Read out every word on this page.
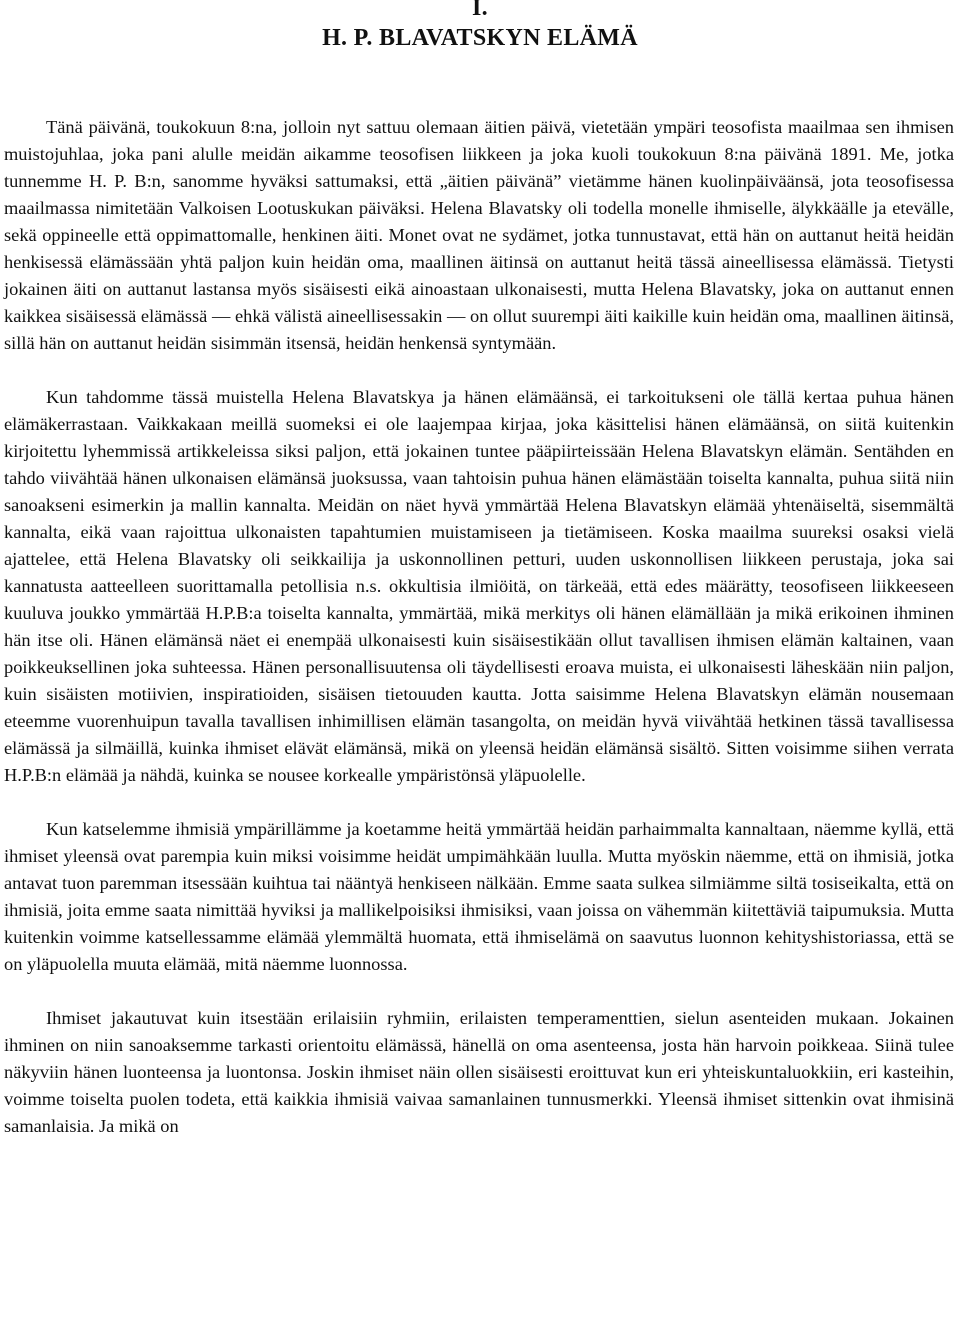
I.
H. P. BLAVATSKYN ELÄMÄ

Tänä päivänä, toukokuun 8:na, jolloin nyt sattuu olemaan äitien päivä, vietetään ympäri teosofista maailmaa sen ihmisen muistojuhlaa, joka pani alulle meidän aikamme teosofisen liikkeen ja joka kuoli toukokuun 8:na päivänä 1891. Me, jotka tunnemme H. P. B:n, sanomme hyväksi sattumaksi, että „äitien päivänä” vietämme hänen kuolinpäiväänsä, jota teosofisessa maailmassa nimitetään Valkoisen Lootuskukan päiväksi. Helena Blavatsky oli todella monelle ihmiselle, älykkäälle ja etevälle, sekä oppineelle että oppimattomalle, henkinen äiti. Monet ovat ne sydämet, jotka tunnustavat, että hän on auttanut heitä heidän henkisessä elämässään yhtä paljon kuin heidän oma, maallinen äitinsä on auttanut heitä tässä aineellisessa elämässä. Tietysti jokainen äiti on auttanut lastansa myös sisäisesti eikä ainoastaan ulkonaisesti, mutta Helena Blavatsky, joka on auttanut ennen kaikkea sisäisessä elämässä — ehkä välistä aineellisessakin — on ollut suurempi äiti kaikille kuin heidän oma, maallinen äitinsä, sillä hän on auttanut heidän sisimmän itsensä, heidän henkensä syntymään.

Kun tahdomme tässä muistella Helena Blavatskya ja hänen elämäänsä, ei tarkoitukseni ole tällä kertaa puhua hänen elämäkerrastaan. Vaikkakaan meillä suomeksi ei ole laajempaa kirjaa, joka käsittelisi hänen elämäänsä, on siitä kuitenkin kirjoitettu lyhemmissä artikkeleissa siksi paljon, että jokainen tuntee pääpiirteissään Helena Blavatskyn elämän. Sentähden en tahdo viivähtää hänen ulkonaisen elämänsä juoksussa, vaan tahtoisin puhua hänen elämästään toiselta kannalta, puhua siitä niin sanoakseni esimerkin ja mallin kannalta. Meidän on näet hyvä ymmärtää Helena Blavatskyn elämää yhtenäiseltä, sisemmältä kannalta, eikä vaan rajoittua ulkonaisten tapahtumien muistamiseen ja tietämiseen. Koska maailma suureksi osaksi vielä ajattelee, että Helena Blavatsky oli seikkailija ja uskonnollinen petturi, uuden uskonnollisen liikkeen perustaja, joka sai kannatusta aatteelleen suorittamalla petollisia n.s. okkultisia ilmiöitä, on tärkeää, että edes määrätty, teosofiseen liikkeeseen kuuluva joukko ymmärtää H.P.B:a toiselta kannalta, ymmärtää, mikä merkitys oli hänen elämällään ja mikä erikoinen ihminen hän itse oli. Hänen elämänsä näet ei enempää ulkonaisesti kuin sisäisestikään ollut tavallisen ihmisen elämän kaltainen, vaan poikkeuksellinen joka suhteessa. Hänen personallisuutensa oli täydellisesti eroava muista, ei ulkonaisesti läheskään niin paljon, kuin sisäisten motiivien, inspiratioiden, sisäisen tietouuden kautta. Jotta saisimme Helena Blavatskyn elämän nousemaan eteemme vuorenhuipun tavalla tavallisen inhimillisen elämän tasangolta, on meidän hyvä viivähtää hetkinen tässä tavallisessa elämässä ja silmäillä, kuinka ihmiset elävät elämänsä, mikä on yleensä heidän elämänsä sisältö. Sitten voisimme siihen verrata H.P.B:n elämää ja nähdä, kuinka se nousee korkealle ympäristönsä yläpuolelle.

Kun katselemme ihmisiä ympärillämme ja koetamme heitä ymmärtää heidän parhaimmalta kannaltaan, näemme kyllä, että ihmiset yleensä ovat parempia kuin miksi voisimme heidät umpimähkään luulla. Mutta myöskin näemme, että on ihmisiä, jotka antavat tuon paremman itsessään kuihtua tai nääntyä henkiseen nälkään. Emme saata sulkea silmiämme siltä tosiseikalta, että on ihmisiä, joita emme saata nimittää hyviksi ja mallikelpoisiksi ihmisiksi, vaan joissa on vähemmän kiitettäviä taipumuksia. Mutta kuitenkin voimme katsellessamme elämää ylemmältä huomata, että ihmiselämä on saavutus luonnon kehityshistoriassa, että se on yläpuolella muuta elämää, mitä näemme luonnossa.

Ihmiset jakautuvat kuin itsestään erilaisiin ryhmiin, erilaisten temperamenttien, sielun asenteiden mukaan. Jokainen ihminen on niin sanoaksemme tarkasti orientoitu elämässä, hänellä on oma asenteensa, josta hän harvoin poikkeaa. Siinä tulee näkyviin hänen luonteensa ja luontonsa. Joskin ihmiset näin ollen sisäisesti eroittuvat kun eri yhteiskuntaluokkiin, eri kasteihin, voimme toiselta puolen todeta, että kaikkia ihmisiä vaivaa samanlainen tunnusmerkki. Yleensä ihmiset sittenkin ovat ihmisinä samanlaisia. Ja mikä on
